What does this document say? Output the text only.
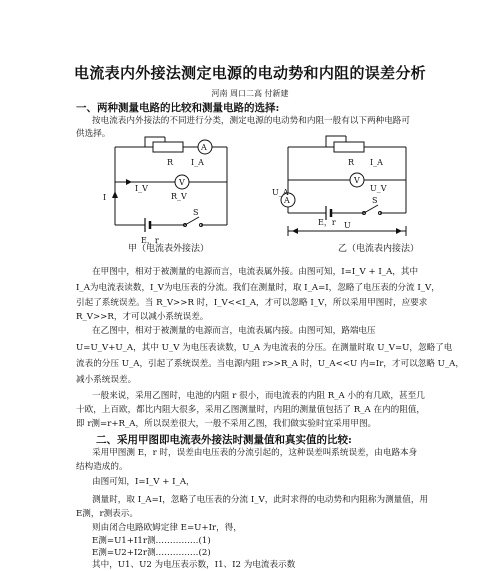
电流表内外接法测定电源的电动势和内阻的误差分析
河南 周口二高 付新建
一、两种测量电路的比较和测量电路的选择:
按电流表内外接法的不同进行分类，测定电源的电动势和内阻一般有以下两种电路可
供选择。
R I_A
A
V
I
I_V
R_V
S
E，r
甲（电流表外接法）
R I_A
A
U_A
V
U_V
S
E，r U
乙（电流表内接法）
在甲图中，相对于被测量的电源而言，电流表属外接。由图可知，I=I_V + I_A，其中
I_A为电流表读数，I_V为电压表的分流。我们在测量时，取 I_A=I，忽略了电压表的分流 I_V，
引起了系统误差。当 R_V>>R 时，I_V<<I_A，才可以忽略 I_V，所以采用甲图时，应要求
R_V>>R，才可以减小系统误差。
在乙图中，相对于被测量的电源而言，电流表属内接。由图可知，路端电压
U=U_V+U_A，其中 U_V 为电压表读数，U_A 为电流表的分压。在测量时取 U_V=U，忽略了电
流表的分压 U_A，引起了系统误差。当电源内阻 r>>R_A 时，U_A<<U 内=Ir，才可以忽略 U_A，
减小系统误差。
一般来说，采用乙图时，电池的内阻 r 很小，而电流表的内阻 R_A 小的有几欧，甚至几
十欧，上百欧，都比内阻大很多，采用乙图测量时，内阻的测量值包括了 R_A 在内的阻值，
即 r测=r+R_A，所以误差很大，一般不采用乙图，我们做实验时宜采用甲图。
二、采用甲图即电流表外接法时测量值和真实值的比较:
采用甲图测 E，r 时，误差由电压表的分流引起的，这种误差叫系统误差，由电路本身
结构造成的。
由图可知，I=I_V + I_A，
测量时，取 I_A=I，忽略了电压表的分流 I_V，此时求得的电动势和内阻称为测量值，用
E测，r测表示。
则由闭合电路欧姆定律 E=U+Ir，得，
E测=U1+I1r测……………(1)
E测=U2+I2r测……………(2)
其中，U1、U2 为电压表示数，I1、I2 为电流表示数
